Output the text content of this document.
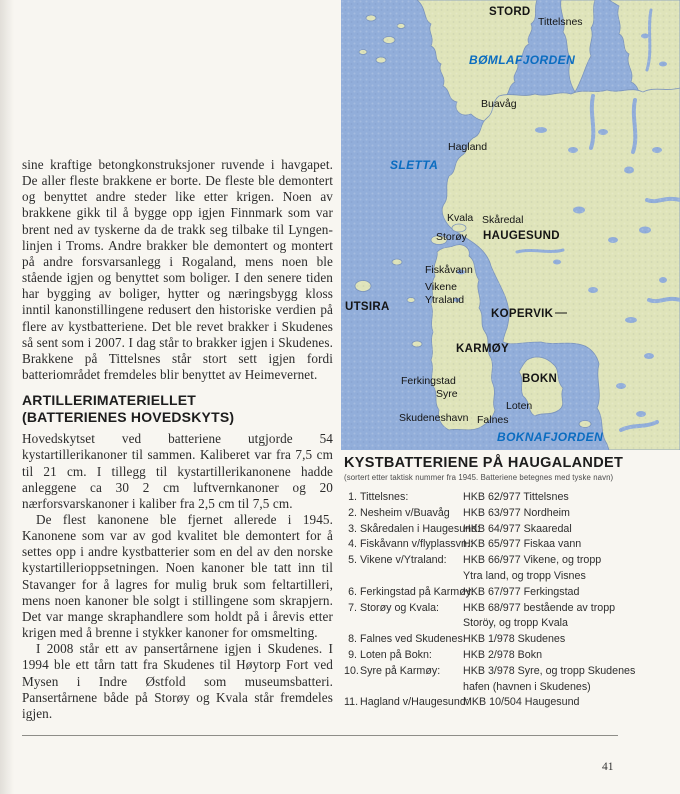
sine kraftige betongkonstruksjoner ruvende i havgapet. De aller fleste brakkene er borte. De fleste ble demontert og benyttet andre steder like etter krigen. Noen av brakkene gikk til å bygge opp igjen Finnmark som var brent ned av tyskerne da de trakk seg tilbake til Lyngen-linjen i Troms. Andre brakker ble demontert og montert på andre forsvarsanlegg i Rogaland, mens noen ble stående igjen og benyttet som boliger. I den senere tiden har bygging av boliger, hytter og næringsbygg kloss inntil kanonstillingene redusert den historiske verdien på flere av kystbatteriene. Det ble revet brakker i Skudenes så sent som i 2007. I dag står to brakker igjen i Skudenes. Brakkene på Tittelsnes står stort sett igjen fordi batteriområdet fremdeles blir benyttet av Heimevernet.

ARTILLERIMATERIELLET
(BATTERIENES HOVEDSKYTS)

Hovedskytset ved batteriene utgjorde 54 kystartillerikanoner til sammen. Kaliberet var fra 7,5 cm til 21 cm. I tillegg til kystartillerikanonene hadde anleggene ca 30 2 cm luftvernkanoner og 20 nærforsvarskanoner i kaliber fra 2,5 cm til 7,5 cm.

De flest kanonene ble fjernet allerede i 1945. Kanonene som var av god kvalitet ble demontert for å settes opp i andre kystbatterier som en del av den norske kystartillerioppsetningen. Noen kanoner ble tatt inn til Stavanger for å lagres for mulig bruk som feltartilleri, mens noen kanoner ble solgt i stillingene som skrapjern. Det var mange skraphandlere som holdt på i årevis etter krigen med å brenne i stykker kanoner for omsmelting.

I 2008 står ett av pansertårnene igjen i Skudenes. I 1994 ble ett tårn tatt fra Skudenes til Høytorp Fort ved Mysen i Indre Østfold som museumsbatteri. Pansertårnene både på Storøy og Kvala står fremdeles igjen.

STORD
Tittelsnes
BØMLAFJORDEN
Buavåg
Hagland
SLETTA
Kvala Skåredal
Storøy HAUGESUND
Fiskåvann
Vikene
Ytraland
UTSIRA
KOPERVIK
KARMØY
BOKN
Ferkingstad
Syre
Loten
Skudeneshavn Falnes
BOKNAFJORDEN

KYSTBATTERIENE PÅ HAUGALANDET

(sortert etter taktisk nummer fra 1945. Batteriene betegnes med tyske navn)

1. Tittelsnes:	HKB 62/977 Tittelsnes
2. Nesheim v/Buavåg	HKB 63/977 Nordheim
3. Skåredalen i Haugesund:
HKB 64/977 Skaaredal
4. Fiskåvann v/flyplassvn.:
HKB 65/977 Fiskaa vann
5. Vikene v/Ytraland:	HKB 66/977 Vikene, og tropp
Ytra land, og tropp Visnes
6. Ferkingstad på Karmøy:
HKB 67/977 Ferkingstad
7. Storøy og Kvala:	HKB 68/977 bestående av tropp
Storöy, og tropp Kvala
8. Falnes ved Skudenes:
HKB 1/978 Skudenes
9. Loten på Bokn:	HKB 2/978 Bokn
10. Syre på Karmøy:	HKB 3/978 Syre, og tropp Skudenes
hafen (havnen i Skudenes)
11. Hagland v/Haugesund:
MKB 10/504 Haugesund
41
